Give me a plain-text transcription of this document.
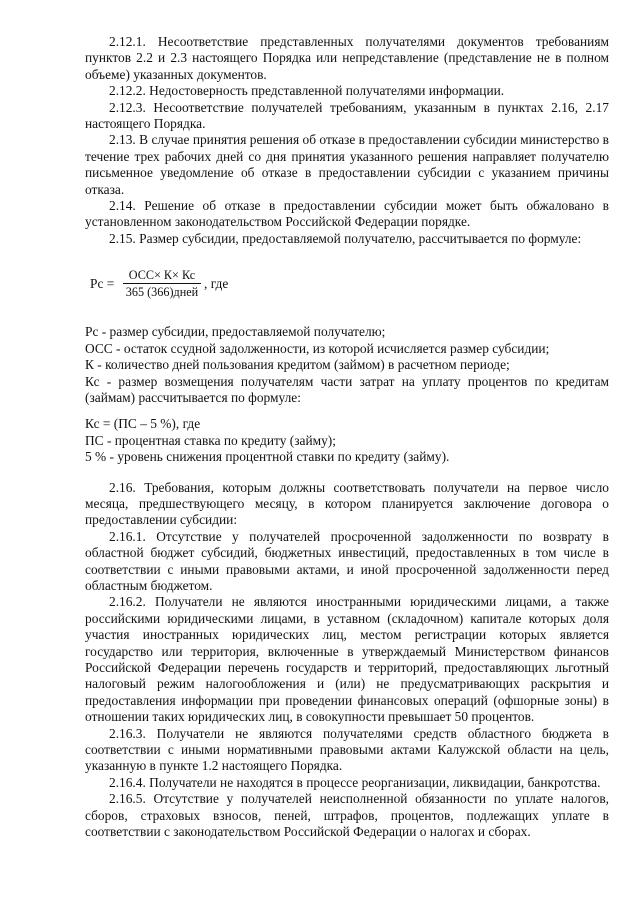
2.12.1. Несоответствие представленных получателями документов требованиям пунктов 2.2 и 2.3 настоящего Порядка или непредставление (представление не в полном объеме) указанных документов.

2.12.2. Недостоверность представленной получателями информации.

2.12.3. Несоответствие получателей требованиям, указанным в пунктах 2.16, 2.17 настоящего Порядка.

2.13. В случае принятия решения об отказе в предоставлении субсидии министерство в течение трех рабочих дней со дня принятия указанного решения направляет получателю письменное уведомление об отказе в предоставлении субсидии с указанием причины отказа.

2.14. Решение об отказе в предоставлении субсидии может быть обжаловано в установленном законодательством Российской Федерации порядке.

2.15. Размер субсидии, предоставляемой получателю, рассчитывается по формуле:

Рс =
ОСС× К× Кс
365 (366)дней
, где

Рс - размер субсидии, предоставляемой получателю;

ОСС - остаток ссудной задолженности, из которой исчисляется размер субсидии;

К - количество дней пользования кредитом (займом) в расчетном периоде;

Кс - размер возмещения получателям части затрат на уплату процентов по кредитам (займам) рассчитывается по формуле:

Кс = (ПС – 5 %), где

ПС - процентная ставка по кредиту (займу);

5 % - уровень снижения процентной ставки по кредиту (займу).

2.16. Требования, которым должны соответствовать получатели на первое число месяца, предшествующего месяцу, в котором планируется заключение договора о предоставлении субсидии:

2.16.1. Отсутствие у получателей просроченной задолженности по возврату в областной бюджет субсидий, бюджетных инвестиций, предоставленных в том числе в соответствии с иными правовыми актами, и иной просроченной задолженности перед областным бюджетом.

2.16.2. Получатели не являются иностранными юридическими лицами, а также российскими юридическими лицами, в уставном (складочном) капитале которых доля участия иностранных юридических лиц, местом регистрации которых является государство или территория, включенные в утверждаемый Министерством финансов Российской Федерации перечень государств и территорий, предоставляющих льготный налоговый режим налогообложения и (или) не предусматривающих раскрытия и предоставления информации при проведении финансовых операций (офшорные зоны) в отношении таких юридических лиц, в совокупности превышает 50 процентов.

2.16.3. Получатели не являются получателями средств областного бюджета в соответствии с иными нормативными правовыми актами Калужской области на цель, указанную в пункте 1.2 настоящего Порядка.

2.16.4. Получатели не находятся в процессе реорганизации, ликвидации, банкротства.

2.16.5. Отсутствие у получателей неисполненной обязанности по уплате налогов, сборов, страховых взносов, пеней, штрафов, процентов, подлежащих уплате в соответствии с законодательством Российской Федерации о налогах и сборах.
